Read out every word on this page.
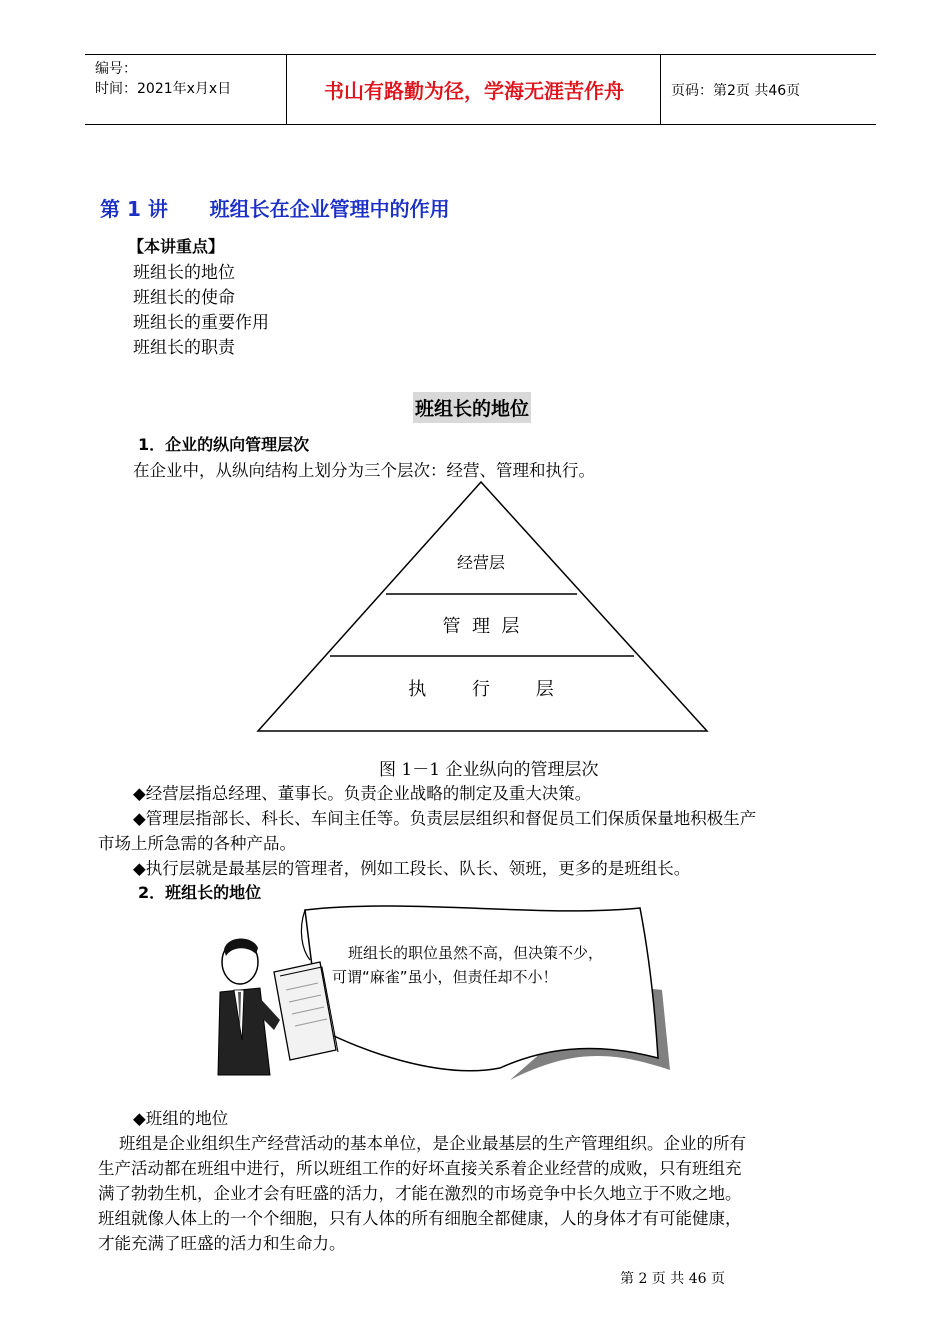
编号：
时间：2021年x月x日	书山有路勤为径，学海无涯苦作舟	页码：第2页 共46页
第 1 讲      班组长在企业管理中的作用
【本讲重点】
班组长的地位
班组长的使命
班组长的重要作用
班组长的职责
班组长的地位
1．企业的纵向管理层次
在企业中，从纵向结构上划分为三个层次：经营、管理和执行。
经营层
管  理  层
执        行        层
图 1－1 企业纵向的管理层次
◆经营层指总经理、董事长。负责企业战略的制定及重大决策。
◆管理层指部长、科长、车间主任等。负责层层组织和督促员工们保质保量地积极生产
市场上所急需的各种产品。
◆执行层就是最基层的管理者，例如工段长、队长、领班，更多的是班组长。
2．班组长的地位
班组长的职位虽然不高，但决策不少，
可谓“麻雀”虽小，但责任却不小！
◆班组的地位
班组是企业组织生产经营活动的基本单位，是企业最基层的生产管理组织。企业的所有
生产活动都在班组中进行，所以班组工作的好坏直接关系着企业经营的成败，只有班组充
满了勃勃生机，企业才会有旺盛的活力，才能在激烈的市场竞争中长久地立于不败之地。
班组就像人体上的一个个细胞，只有人体的所有细胞全都健康，人的身体才有可能健康，
才能充满了旺盛的活力和生命力。
第 2 页 共 46 页
